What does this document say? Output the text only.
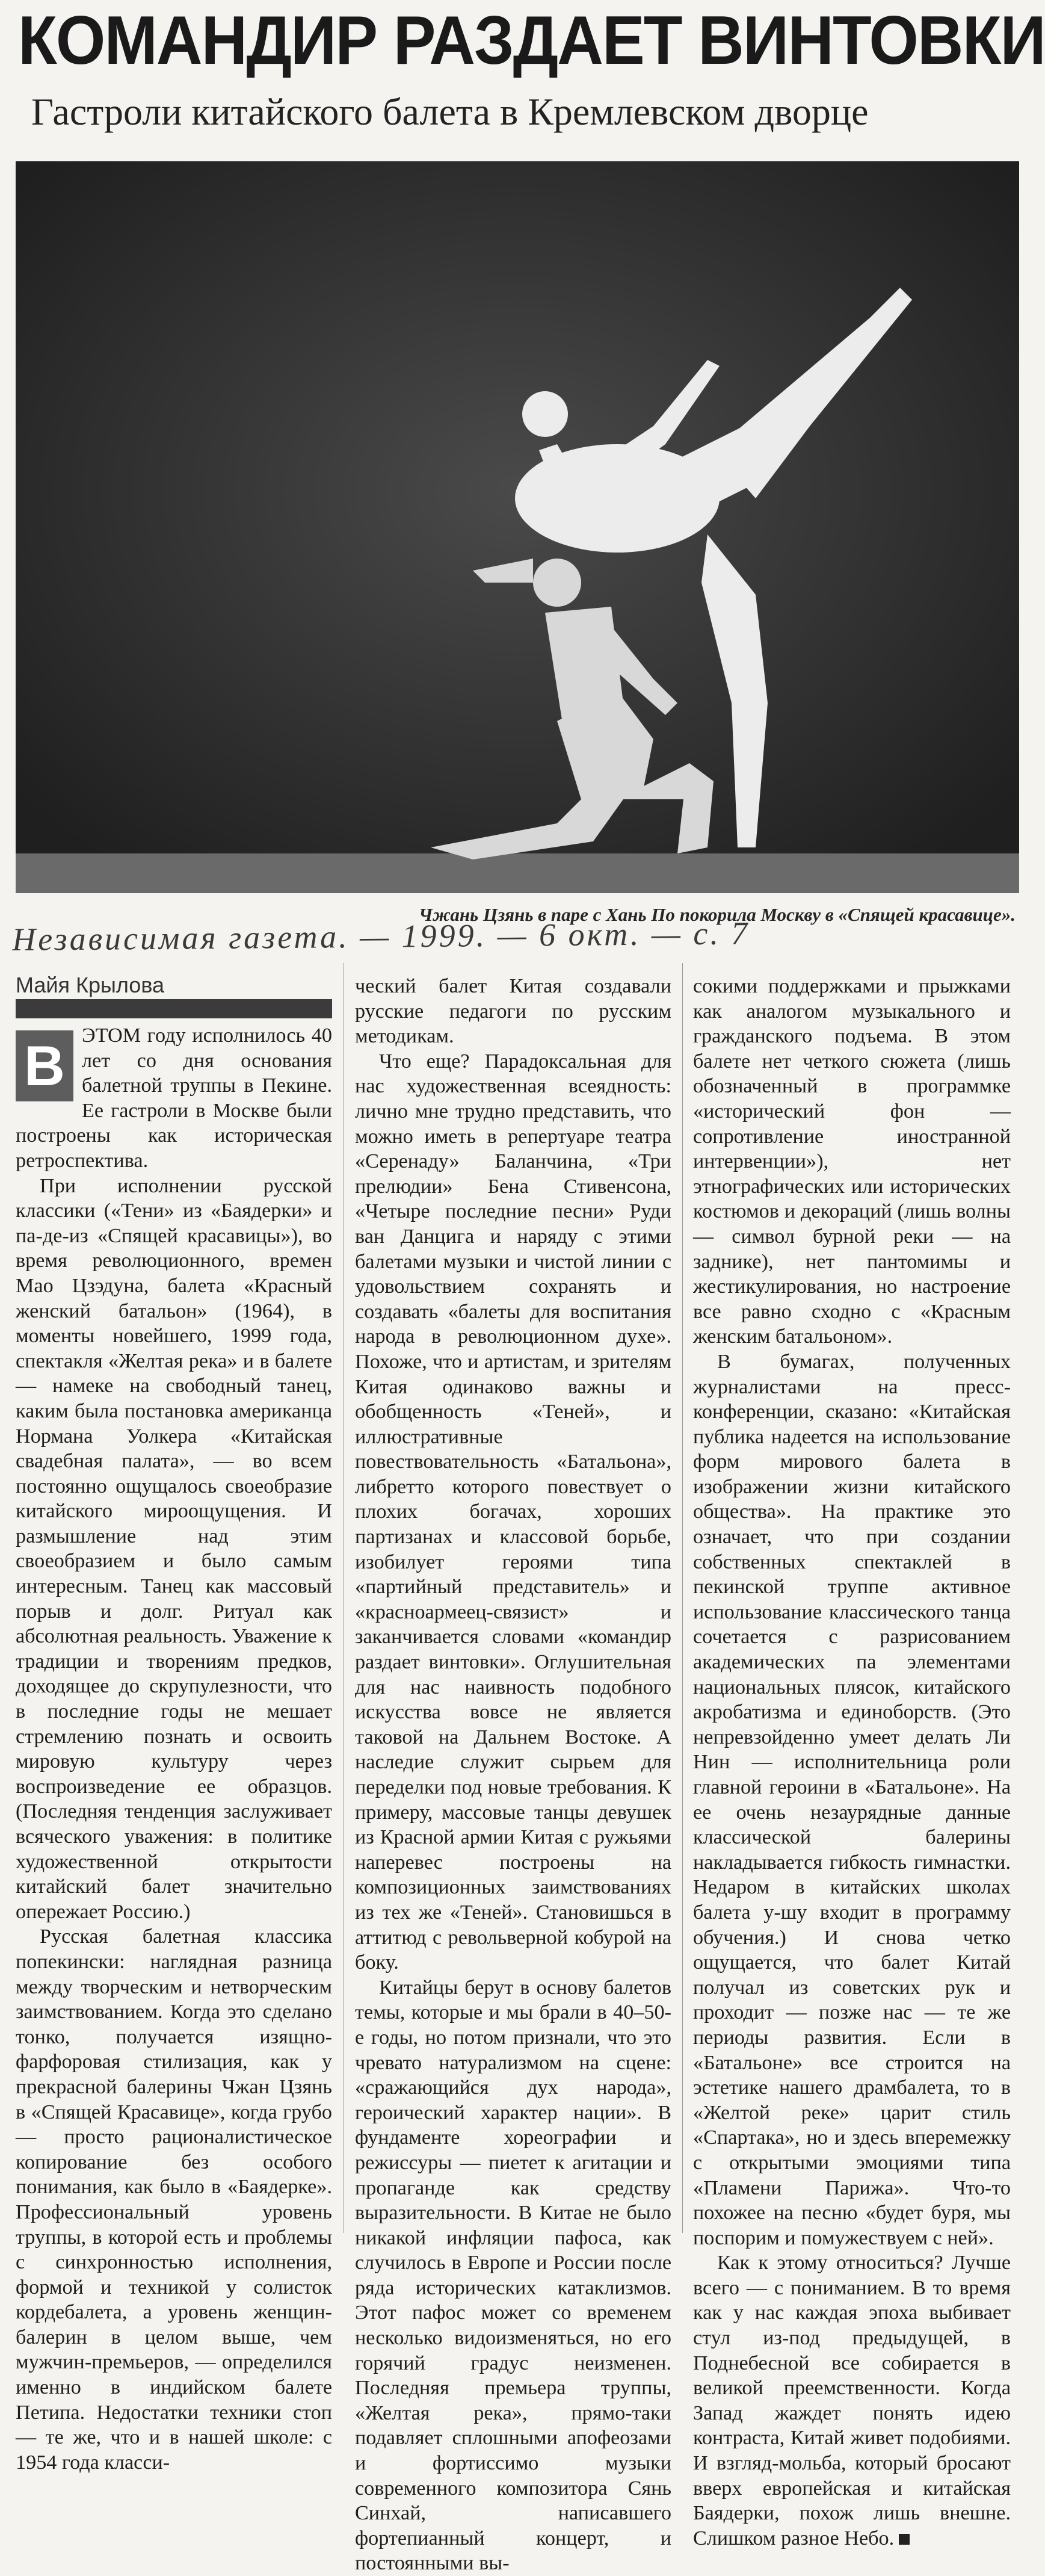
КОМАНДИР РАЗДАЕТ ВИНТОВКИ
Гастроли китайского балета в Кремлевском дворце
Чжань Цзянь в паре с Хань По покорила Москву в «Спящей красавице».
Независимая газета. — 1999. — 6 окт. — с. 7
Майя Крылова

В ЭТОМ году исполнилось 40 лет со дня основания балетной труппы в Пекине. Ее гастроли в Москве были построены как историческая ретроспектива.

При исполнении русской классики («Тени» из «Баядерки» и па-де-из «Спящей красавицы»), во время революционного, времен Мао Цзэдуна, балета «Красный женский батальон» (1964), в моменты новейшего, 1999 года, спектакля «Желтая река» и в балете — намеке на свободный танец, каким была постановка американца Нормана Уолкера «Китайская свадебная палата», — во всем постоянно ощущалось своеобразие китайского мироощущения. И размышление над этим своеобразием и было самым интересным. Танец как массовый порыв и долг. Ритуал как абсолютная реальность. Уважение к традиции и творениям предков, доходящее до скрупулезности, что в последние годы не мешает стремлению познать и освоить мировую культуру через воспроизведение ее образцов. (Последняя тенденция заслуживает всяческого уважения: в политике художественной открытости китайский балет значительно опережает Россию.)

Русская балетная классика попекински: наглядная разница между творческим и нетворческим заимствованием. Когда это сделано тонко, получается изящно-фарфоровая стилизация, как у прекрасной балерины Чжан Цзянь в «Спящей Красавице», когда грубо — просто рационалистическое копирование без особого понимания, как было в «Баядерке». Профессиональный уровень труппы, в которой есть и проблемы с синхронностью исполнения, формой и техникой у солисток кордебалета, а уровень женщин-балерин в целом выше, чем мужчин-премьеров, — определился именно в индийском балете Петипа. Недостатки техники стоп — те же, что и в нашей школе: с 1954 года класси-

ческий балет Китая создавали русские педагоги по русским методикам.

Что еще? Парадоксальная для нас художественная всеядность: лично мне трудно представить, что можно иметь в репертуаре театра «Серенаду» Баланчина, «Три прелюдии» Бена Стивенсона, «Четыре последние песни» Руди ван Данцига и наряду с этими балетами музыки и чистой линии с удовольствием сохранять и создавать «балеты для воспитания народа в революционном духе». Похоже, что и артистам, и зрителям Китая одинаково важны и обобщенность «Теней», и иллюстративные повествовательность «Батальона», либретто которого повествует о плохих богачах, хороших партизанах и классовой борьбе, изобилует героями типа «партийный представитель» и «красноармеец-связист» и заканчивается словами «командир раздает винтовки». Оглушительная для нас наивность подобного искусства вовсе не является таковой на Дальнем Востоке. А наследие служит сырьем для переделки под новые требования. К примеру, массовые танцы девушек из Красной армии Китая с ружьями наперевес построены на композиционных заимствованиях из тех же «Теней». Становишься в аттитюд с револьверной кобурой на боку.

Китайцы берут в основу балетов темы, которые и мы брали в 40–50-е годы, но потом признали, что это чревато натурализмом на сцене: «сражающийся дух народа», героический характер нации». В фундаменте хореографии и режиссуры — пиетет к агитации и пропаганде как средству выразительности. В Китае не было никакой инфляции пафоса, как случилось в Европе и России после ряда исторических катаклизмов. Этот пафос может со временем несколько видоизменяться, но его горячий градус неизменен. Последняя премьера труппы, «Желтая река», прямо-таки подавляет сплошными апофеозами и фортиссимо музыки современного композитора Сянь Синхай, написавшего фортепианный концерт, и постоянными вы-

сокими поддержками и прыжками как аналогом музыкального и гражданского подъема. В этом балете нет четкого сюжета (лишь обозначенный в программке «исторический фон — сопротивление иностранной интервенции»), нет этнографических или исторических костюмов и декораций (лишь волны — символ бурной реки — на заднике), нет пантомимы и жестикулирования, но настроение все равно сходно с «Красным женским батальоном».

В бумагах, полученных журналистами на пресс-конференции, сказано: «Китайская публика надеется на использование форм мирового балета в изображении жизни китайского общества». На практике это означает, что при создании собственных спектаклей в пекинской труппе активное использование классического танца сочетается с разрисованием академических па элементами национальных плясок, китайского акробатизма и единоборств. (Это непревзойденно умеет делать Ли Нин — исполнительница роли главной героини в «Батальоне». На ее очень незаурядные данные классической балерины накладывается гибкость гимнастки. Недаром в китайских школах балета у-шу входит в программу обучения.) И снова четко ощущается, что балет Китай получал из советских рук и проходит — позже нас — те же периоды развития. Если в «Батальоне» все строится на эстетике нашего драмбалета, то в «Желтой реке» царит стиль «Спартака», но и здесь вперемежку с открытыми эмоциями типа «Пламени Парижа». Что-то похожее на песню «будет буря, мы поспорим и помужествуем с ней».

Как к этому относиться? Лучше всего — с пониманием. В то время как у нас каждая эпоха выбивает стул из-под предыдущей, в Поднебесной все собирается в великой преемственности. Когда Запад жаждет понять идею контраста, Китай живет подобиями. И взгляд-мольба, который бросают вверх европейская и китайская Баядерки, похож лишь внешне. Слишком разное Небо.
